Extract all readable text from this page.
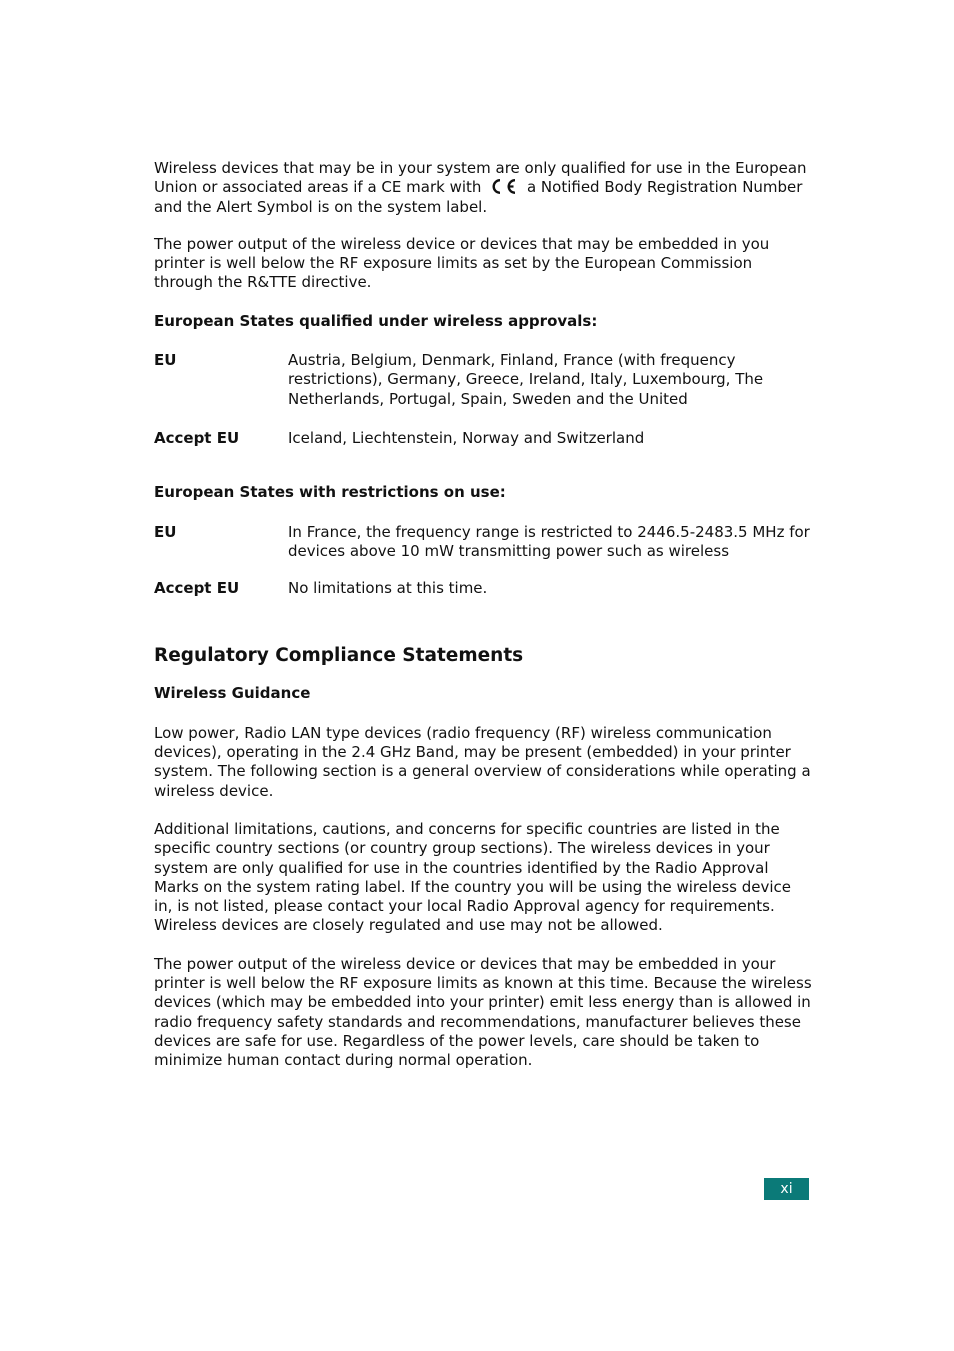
Wireless devices that may be in your system are only qualified for use in the European Union or associated areas if a CE mark with	a Notified Body Registration Number and the Alert Symbol is on the system label.

The power output of the wireless device or devices that may be embedded in you printer is well below the RF exposure limits as set by the European Commission through the R&TTE directive.

European States qualified under wireless approvals:

EU	Austria, Belgium, Denmark, Finland, France (with frequency restrictions), Germany, Greece, Ireland, Italy, Luxembourg, The Netherlands, Portugal, Spain, Sweden and the United
Accept EU	Iceland, Liechtenstein, Norway and Switzerland

European States with restrictions on use:

EU	In France, the frequency range is restricted to 2446.5-2483.5 MHz for devices above 10 mW transmitting power such as wireless
Accept EU	No limitations at this time.
Regulatory Compliance Statements

Wireless Guidance

Low power, Radio LAN type devices (radio frequency (RF) wireless communication devices), operating in the 2.4 GHz Band, may be present (embedded) in your printer system. The following section is a general overview of considerations while operating a wireless device.

Additional limitations, cautions, and concerns for specific countries are listed in the specific country sections (or country group sections). The wireless devices in your system are only qualified for use in the countries identified by the Radio Approval Marks on the system rating label. If the country you will be using the wireless device in, is not listed, please contact your local Radio Approval agency for requirements. Wireless devices are closely regulated and use may not be allowed.

The power output of the wireless device or devices that may be embedded in your printer is well below the RF exposure limits as known at this time. Because the wireless devices (which may be embedded into your printer) emit less energy than is allowed in radio frequency safety standards and recommendations, manufacturer believes these devices are safe for use. Regardless of the power levels, care should be taken to minimize human contact during normal operation.

xi
